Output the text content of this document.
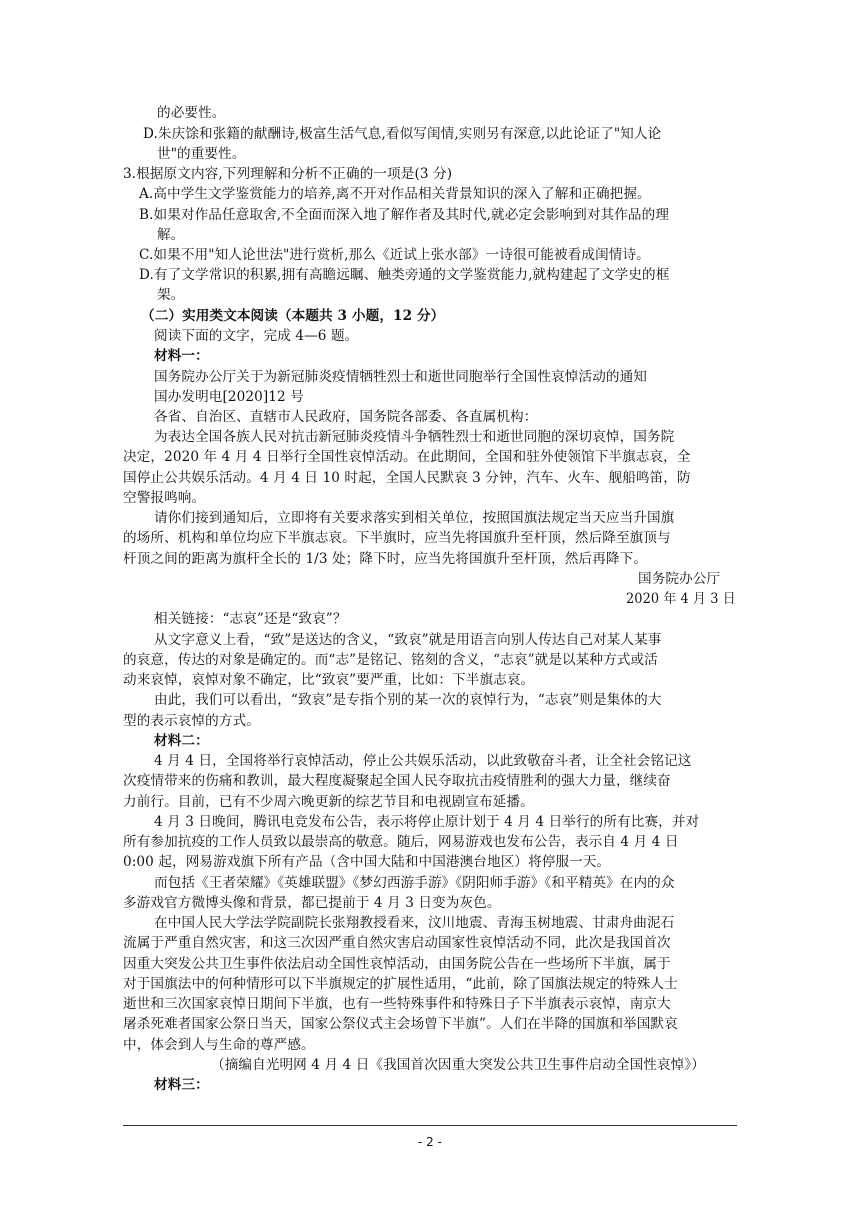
的必要性。
D.朱庆馀和张籍的献酬诗,极富生活气息,看似写闺情,实则另有深意,以此论证了"知人论
世"的重要性。
3.根据原文内容,下列理解和分析不正确的一项是(3 分)
A.高中学生文学鉴赏能力的培养,离不开对作品相关背景知识的深入了解和正确把握。
B.如果对作品任意取舍,不全面而深入地了解作者及其时代,就必定会影响到对其作品的理
解。
C.如果不用"知人论世法"进行赏析,那么《近试上张水部》一诗很可能被看成闺情诗。
D.有了文学常识的积累,拥有高瞻远瞩、触类旁通的文学鉴赏能力,就构建起了文学史的框
架。
（二）实用类文本阅读（本题共 3 小题，12 分）
阅读下面的文字，完成 4—6 题。
材料一：
国务院办公厅关于为新冠肺炎疫情牺牲烈士和逝世同胞举行全国性哀悼活动的通知
国办发明电[2020]12 号
各省、自治区、直辖市人民政府，国务院各部委、各直属机构：
为表达全国各族人民对抗击新冠肺炎疫情斗争牺牲烈士和逝世同胞的深切哀悼，国务院
决定，2020 年 4 月 4 日举行全国性哀悼活动。在此期间，全国和驻外使领馆下半旗志哀，全
国停止公共娱乐活动。4 月 4 日 10 时起，全国人民默哀 3 分钟，汽车、火车、舰船鸣笛，防
空警报鸣响。
请你们接到通知后，立即将有关要求落实到相关单位，按照国旗法规定当天应当升国旗
的场所、机构和单位均应下半旗志哀。下半旗时，应当先将国旗升至杆顶，然后降至旗顶与
杆顶之间的距离为旗杆全长的 1/3 处；降下时，应当先将国旗升至杆顶，然后再降下。
国务院办公厅
2020 年 4 月 3 日
相关链接：“志哀”还是“致哀”？
从文字意义上看，“致”是送达的含义，“致哀”就是用语言向别人传达自己对某人某事
的哀意，传达的对象是确定的。而“志”是铭记、铭刻的含义，“志哀”就是以某种方式或活
动来哀悼，哀悼对象不确定，比“致哀”要严重，比如：下半旗志哀。
由此，我们可以看出，“致哀”是专指个别的某一次的哀悼行为，“志哀”则是集体的大
型的表示哀悼的方式。
材料二：
4 月 4 日，全国将举行哀悼活动，停止公共娱乐活动，以此致敬奋斗者，让全社会铭记这
次疫情带来的伤痛和教训，最大程度凝聚起全国人民夺取抗击疫情胜利的强大力量，继续奋
力前行。目前，已有不少周六晚更新的综艺节目和电视剧宣布延播。
4 月 3 日晚间，腾讯电竞发布公告，表示将停止原计划于 4 月 4 日举行的所有比赛，并对
所有参加抗疫的工作人员致以最崇高的敬意。随后，网易游戏也发布公告，表示自 4 月 4 日
0:00 起，网易游戏旗下所有产品（含中国大陆和中国港澳台地区）将停服一天。
而包括《王者荣耀》《英雄联盟》《梦幻西游手游》《阴阳师手游》《和平精英》在内的众
多游戏官方微博头像和背景，都已提前于 4 月 3 日变为灰色。
在中国人民大学法学院副院长张翔教授看来，汶川地震、青海玉树地震、甘肃舟曲泥石
流属于严重自然灾害，和这三次因严重自然灾害启动国家性哀悼活动不同，此次是我国首次
因重大突发公共卫生事件依法启动全国性哀悼活动，由国务院公告在一些场所下半旗，属于
对于国旗法中的何种情形可以下半旗规定的扩展性适用，“此前，除了国旗法规定的特殊人士
逝世和三次国家哀悼日期间下半旗，也有一些特殊事件和特殊日子下半旗表示哀悼，南京大
屠杀死难者国家公祭日当天，国家公祭仪式主会场曾下半旗”。人们在半降的国旗和举国默哀
中，体会到人与生命的尊严感。
（摘编自光明网 4 月 4 日《我国首次因重大突发公共卫生事件启动全国性哀悼》）
材料三：
- 2 -
